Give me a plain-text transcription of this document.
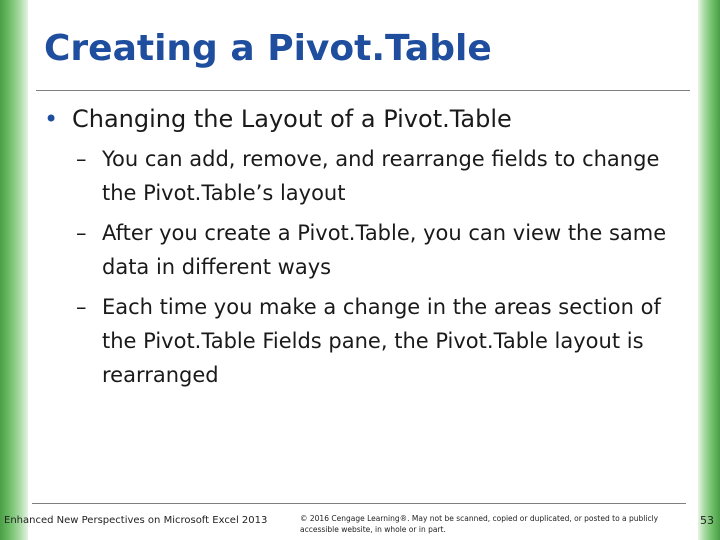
Creating a Pivot.Table
• Changing the Layout of a Pivot.Table
– You can add, remove, and rearrange fields to change the Pivot.Table’s layout
– After you create a Pivot.Table, you can view the same data in different ways
– Each time you make a change in the areas section of the Pivot.Table Fields pane, the Pivot.Table layout is rearranged
Enhanced New Perspectives on Microsoft Excel 2013	© 2016 Cengage Learning®. May not be scanned, copied or duplicated, or posted to a publicly accessible website, in whole or in part.
53
